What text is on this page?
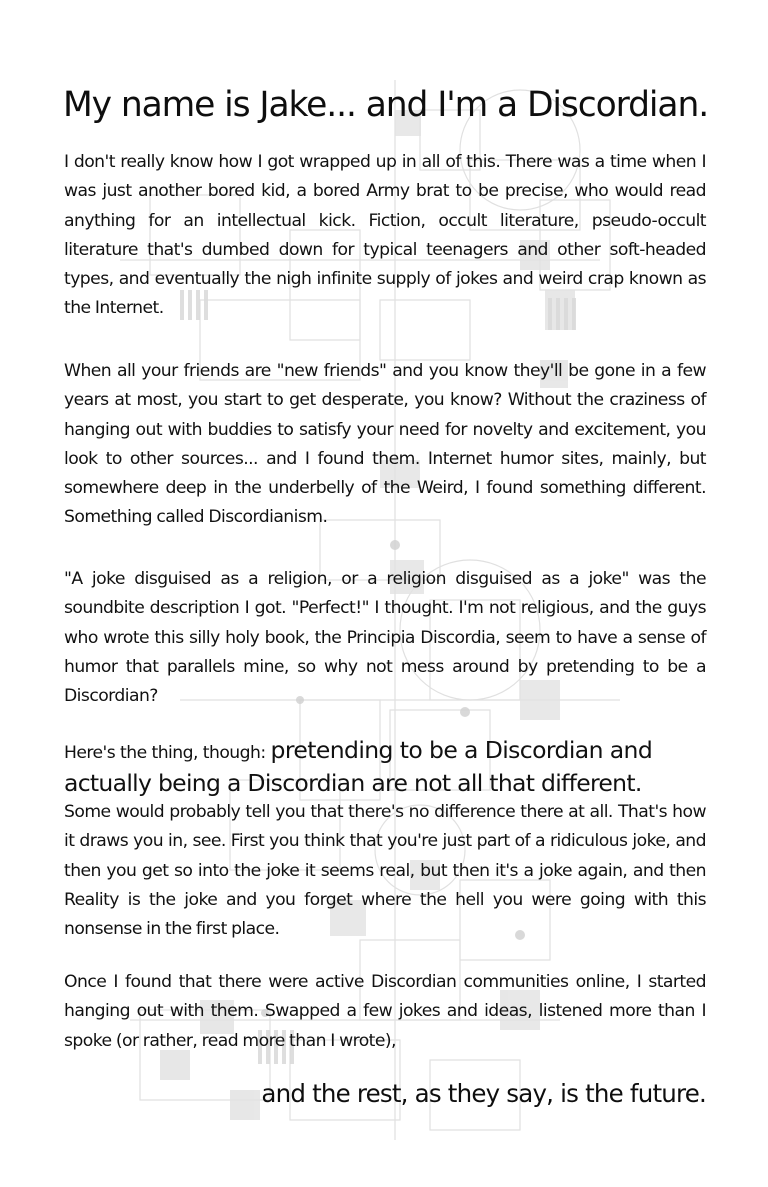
My name is Jake... and I'm a Discordian.

I don't really know how I got wrapped up in all of this. There was a time when I was just another bored kid, a bored Army brat to be precise, who would read anything for an intellectual kick. Fiction, occult literature, pseudo-occult literature that's dumbed down for typical teenagers and other soft-headed types, and eventually the nigh infinite supply of jokes and weird crap known as the Internet.

When all your friends are "new friends" and you know they'll be gone in a few years at most, you start to get desperate, you know? Without the craziness of hanging out with buddies to satisfy your need for novelty and excitement, you look to other sources... and I found them. Internet humor sites, mainly, but somewhere deep in the underbelly of the Weird, I found something different. Something called Discordianism.

"A joke disguised as a religion, or a religion disguised as a joke" was the soundbite description I got. "Perfect!" I thought. I'm not religious, and the guys who wrote this silly holy book, the Principia Discordia, seem to have a sense of humor that parallels mine, so why not mess around by pretending to be a Discordian?

Here's the thing, though: pretending to be a Discordian and

actually being a Discordian are not all that different.

Some would probably tell you that there's no difference there at all. That's how it draws you in, see. First you think that you're just part of a ridiculous joke, and then you get so into the joke it seems real, but then it's a joke again, and then Reality is the joke and you forget where the hell you were going with this nonsense in the first place.

Once I found that there were active Discordian communities online, I started hanging out with them. Swapped a few jokes and ideas, listened more than I spoke (or rather, read more than I wrote),

and the rest, as they say, is the future.
